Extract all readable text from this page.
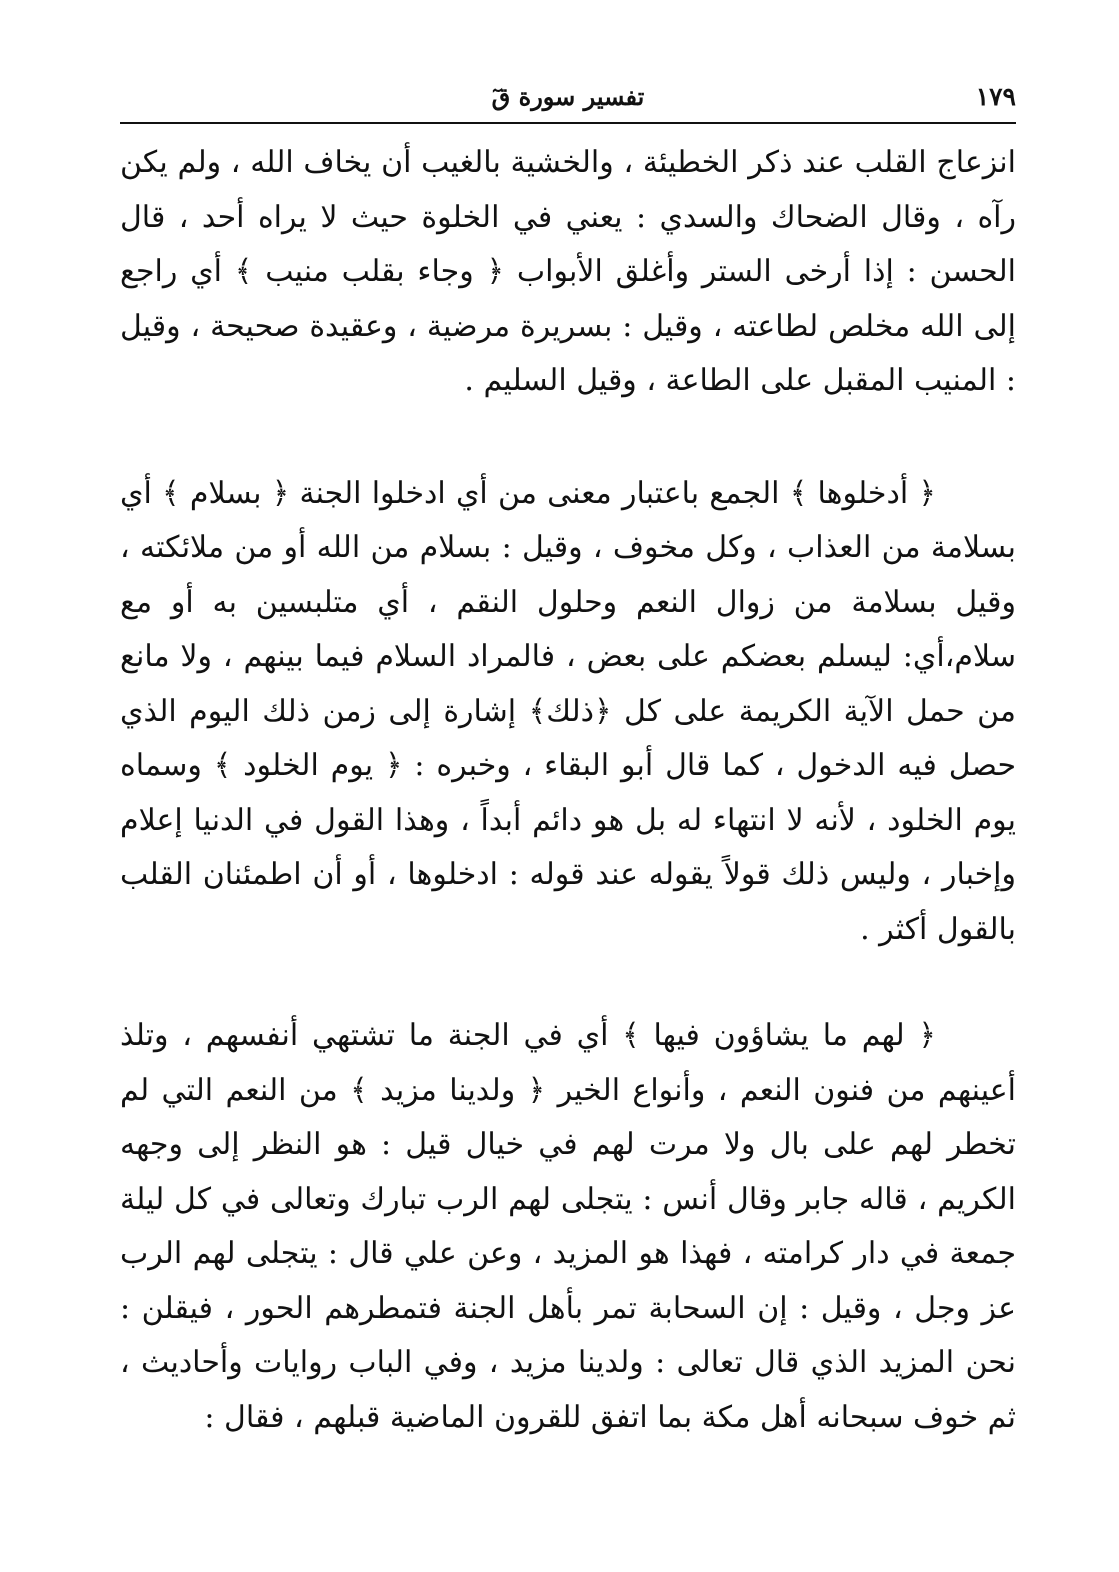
١٧٩
تفسير سورة قٓ

انزعاج القلب عند ذكر الخطيئة ، والخشية بالغيب أن يخاف الله ، ولم يكن رآه ، وقال الضحاك والسدي : يعني في الخلوة حيث لا يراه أحد ، قال الحسن : إذا أرخى الستر وأغلق الأبواب ﴿ وجاء بقلب منيب ﴾ أي راجع إلى الله مخلص لطاعته ، وقيل : بسريرة مرضية ، وعقيدة صحيحة ، وقيل : المنيب المقبل على الطاعة ، وقيل السليم .

﴿ أدخلوها ﴾ الجمع باعتبار معنى من أي ادخلوا الجنة ﴿ بسلام ﴾ أي بسلامة من العذاب ، وكل مخوف ، وقيل : بسلام من الله أو من ملائكته ، وقيل بسلامة من زوال النعم وحلول النقم ، أي متلبسين به أو مع سلام،أي: ليسلم بعضكم على بعض ، فالمراد السلام فيما بينهم ، ولا مانع من حمل الآية الكريمة على كل ﴿ذلك﴾ إشارة إلى زمن ذلك اليوم الذي حصل فيه الدخول ، كما قال أبو البقاء ، وخبره : ﴿ يوم الخلود ﴾ وسماه يوم الخلود ، لأنه لا انتهاء له بل هو دائم أبداً ، وهذا القول في الدنيا إعلام وإخبار ، وليس ذلك قولاً يقوله عند قوله : ادخلوها ، أو أن اطمئنان القلب بالقول أكثر .

﴿ لهم ما يشاؤون فيها ﴾ أي في الجنة ما تشتهي أنفسهم ، وتلذ أعينهم من فنون النعم ، وأنواع الخير ﴿ ولدينا مزيد ﴾ من النعم التي لم تخطر لهم على بال ولا مرت لهم في خيال قيل : هو النظر إلى وجهه الكريم ، قاله جابر وقال أنس : يتجلى لهم الرب تبارك وتعالى في كل ليلة جمعة في دار كرامته ، فهذا هو المزيد ، وعن علي قال : يتجلى لهم الرب عز وجل ، وقيل : إن السحابة تمر بأهل الجنة فتمطرهم الحور ، فيقلن : نحن المزيد الذي قال تعالى : ولدينا مزيد ، وفي الباب روايات وأحاديث ، ثم خوف سبحانه أهل مكة بما اتفق للقرون الماضية قبلهم ، فقال :
